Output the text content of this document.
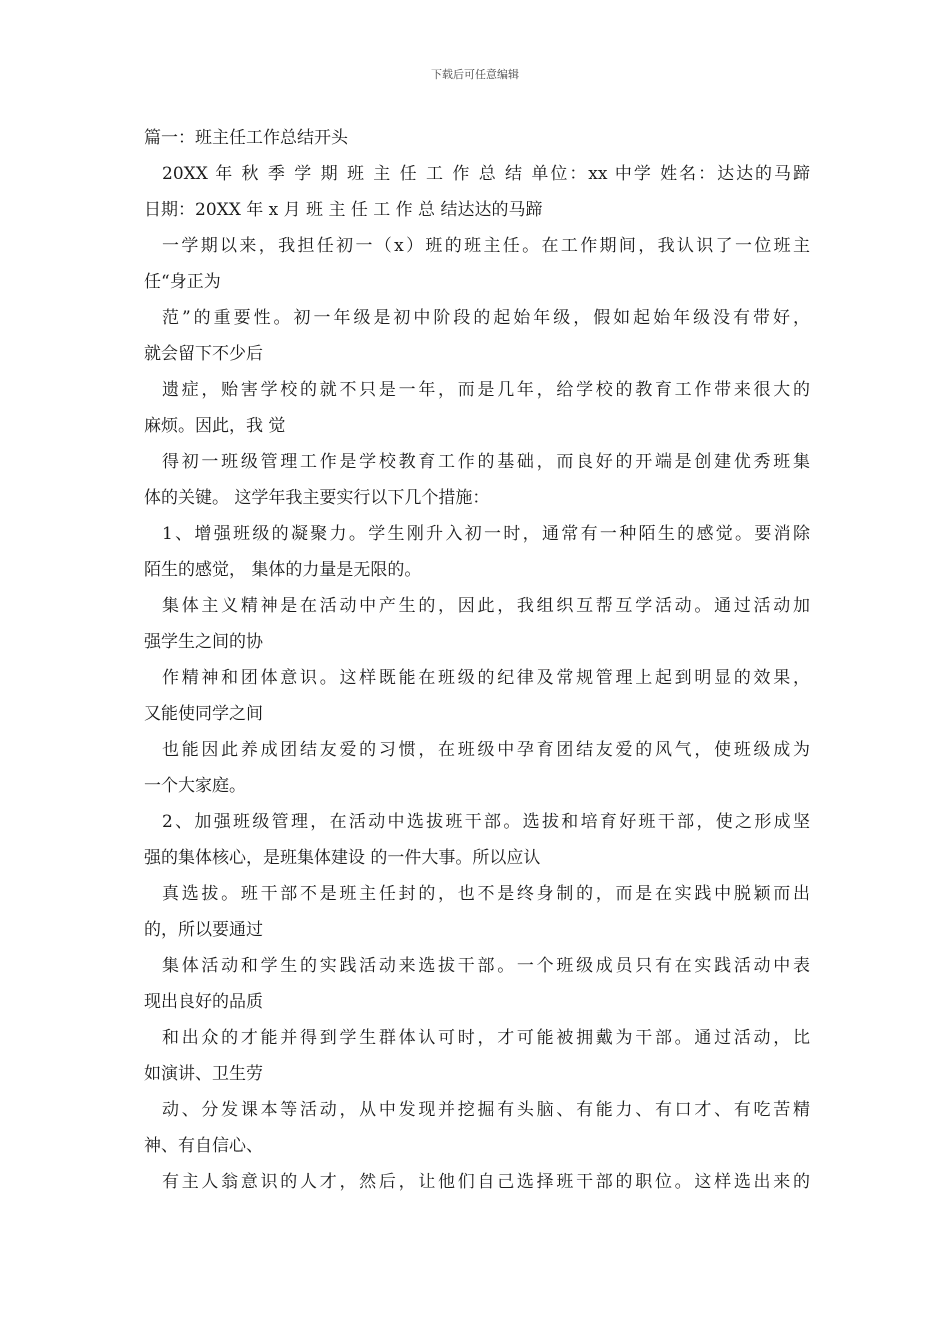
下载后可任意编辑
篇一：班主任工作总结开头
20XX 年 秋 季 学 期 班 主 任 工 作 总 结 单位：xx 中学 姓名：达达的马蹄
日期：20XX 年 x 月 班 主 任 工 作 总 结达达的马蹄
一学期以来，我担任初一（x）班的班主任。在工作期间，我认识了一位班主
任“身正为
范”的重要性。初一年级是初中阶段的起始年级，假如起始年级没有带好，
就会留下不少后
遗症，贻害学校的就不只是一年，而是几年，给学校的教育工作带来很大的
麻烦。因此，我 觉
得初一班级管理工作是学校教育工作的基础，而良好的开端是创建优秀班集
体的关键。 这学年我主要实行以下几个措施：
1、增强班级的凝聚力。学生刚升入初一时，通常有一种陌生的感觉。要消除
陌生的感觉， 集体的力量是无限的。
集体主义精神是在活动中产生的，因此，我组织互帮互学活动。通过活动加
强学生之间的协
作精神和团体意识。这样既能在班级的纪律及常规管理上起到明显的效果，
又能使同学之间
也能因此养成团结友爱的习惯，在班级中孕育团结友爱的风气，使班级成为
一个大家庭。
2、加强班级管理，在活动中选拔班干部。选拔和培育好班干部，使之形成坚
强的集体核心，是班集体建设 的一件大事。所以应认
真选拔。班干部不是班主任封的，也不是终身制的，而是在实践中脱颖而出
的，所以要通过
集体活动和学生的实践活动来选拔干部。一个班级成员只有在实践活动中表
现出良好的品质
和出众的才能并得到学生群体认可时，才可能被拥戴为干部。通过活动，比
如演讲、卫生劳
动、分发课本等活动，从中发现并挖掘有头脑、有能力、有口才、有吃苦精
神、有自信心、
有主人翁意识的人才，然后，让他们自己选择班干部的职位。这样选出来的
